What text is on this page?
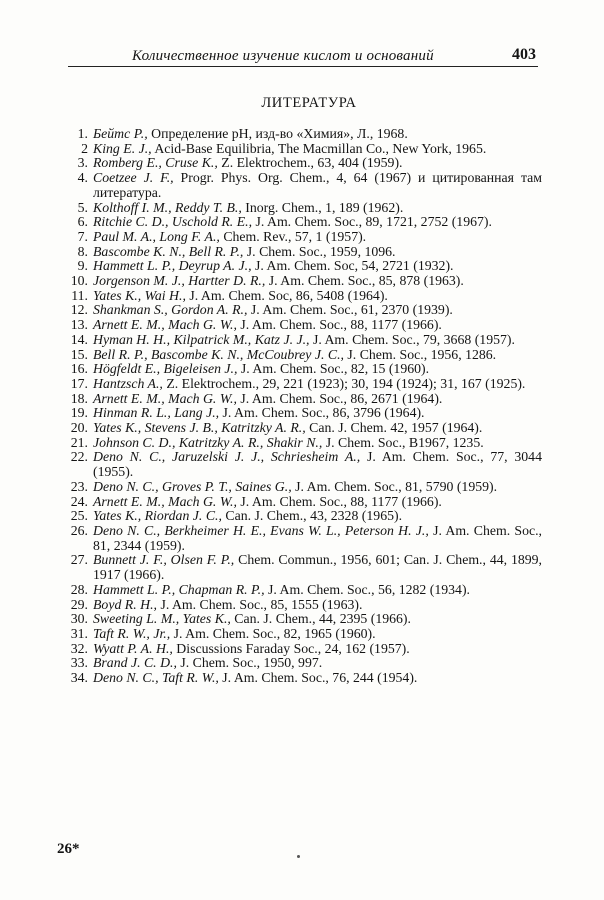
Количественное изучение кислот и оснований	403
ЛИТЕРАТУРА

1. Бейтс Р., Определение pH, изд-во «Химия», Л., 1968.

2 King E. J., Acid-Base Equilibria, The Macmillan Co., New York, 1965.

3. Romberg E., Cruse K., Z. Elektrochem., 63, 404 (1959).

4. Coetzee J. F., Progr. Phys. Org. Chem., 4, 64 (1967) и цитированная там литература.

5. Kolthoff I. M., Reddy T. B., Inorg. Chem., 1, 189 (1962).

6. Ritchie C. D., Uschold R. E., J. Am. Chem. Soc., 89, 1721, 2752 (1967).

7. Paul M. A., Long F. A., Chem. Rev., 57, 1 (1957).

8. Bascombe K. N., Bell R. P., J. Chem. Soc., 1959, 1096.

9. Hammett L. P., Deyrup A. J., J. Am. Chem. Soc, 54, 2721 (1932).

10. Jorgenson M. J., Hartter D. R., J. Am. Chem. Soc., 85, 878 (1963).

11. Yates K., Wai H., J. Am. Chem. Soc, 86, 5408 (1964).

12. Shankman S., Gordon A. R., J. Am. Chem. Soc., 61, 2370 (1939).

13. Arnett E. M., Mach G. W., J. Am. Chem. Soc., 88, 1177 (1966).

14. Hyman H. H., Kilpatrick M., Katz J. J., J. Am. Chem. Soc., 79, 3668 (1957).

15. Bell R. P., Bascombe K. N., McCoubrey J. C., J. Chem. Soc., 1956, 1286.

16. Högfeldt E., Bigeleisen J., J. Am. Chem. Soc., 82, 15 (1960).

17. Hantzsch A., Z. Elektrochem., 29, 221 (1923); 30, 194 (1924); 31, 167 (1925).

18. Arnett E. M., Mach G. W., J. Am. Chem. Soc., 86, 2671 (1964).

19. Hinman R. L., Lang J., J. Am. Chem. Soc., 86, 3796 (1964).

20. Yates K., Stevens J. B., Katritzky A. R., Can. J. Chem. 42, 1957 (1964).

21. Johnson C. D., Katritzky A. R., Shakir N., J. Chem. Soc., B1967, 1235.

22. Deno N. C., Jaruzelski J. J., Schriesheim A., J. Am. Chem. Soc., 77, 3044 (1955).

23. Deno N. C., Groves P. T., Saines G., J. Am. Chem. Soc., 81, 5790 (1959).

24. Arnett E. M., Mach G. W., J. Am. Chem. Soc., 88, 1177 (1966).

25. Yates K., Riordan J. C., Can. J. Chem., 43, 2328 (1965).

26. Deno N. C., Berkheimer H. E., Evans W. L., Peterson H. J., J. Am. Chem. Soc., 81, 2344 (1959).

27. Bunnett J. F., Olsen F. P., Chem. Commun., 1956, 601; Can. J. Chem., 44, 1899, 1917 (1966).

28. Hammett L. P., Chapman R. P., J. Am. Chem. Soc., 56, 1282 (1934).

29. Boyd R. H., J. Am. Chem. Soc., 85, 1555 (1963).

30. Sweeting L. M., Yates K., Can. J. Chem., 44, 2395 (1966).

31. Taft R. W., Jr., J. Am. Chem. Soc., 82, 1965 (1960).

32. Wyatt P. A. H., Discussions Faraday Soc., 24, 162 (1957).

33. Brand J. C. D., J. Chem. Soc., 1950, 997.

34. Deno N. C., Taft R. W., J. Am. Chem. Soc., 76, 244 (1954).

26*
